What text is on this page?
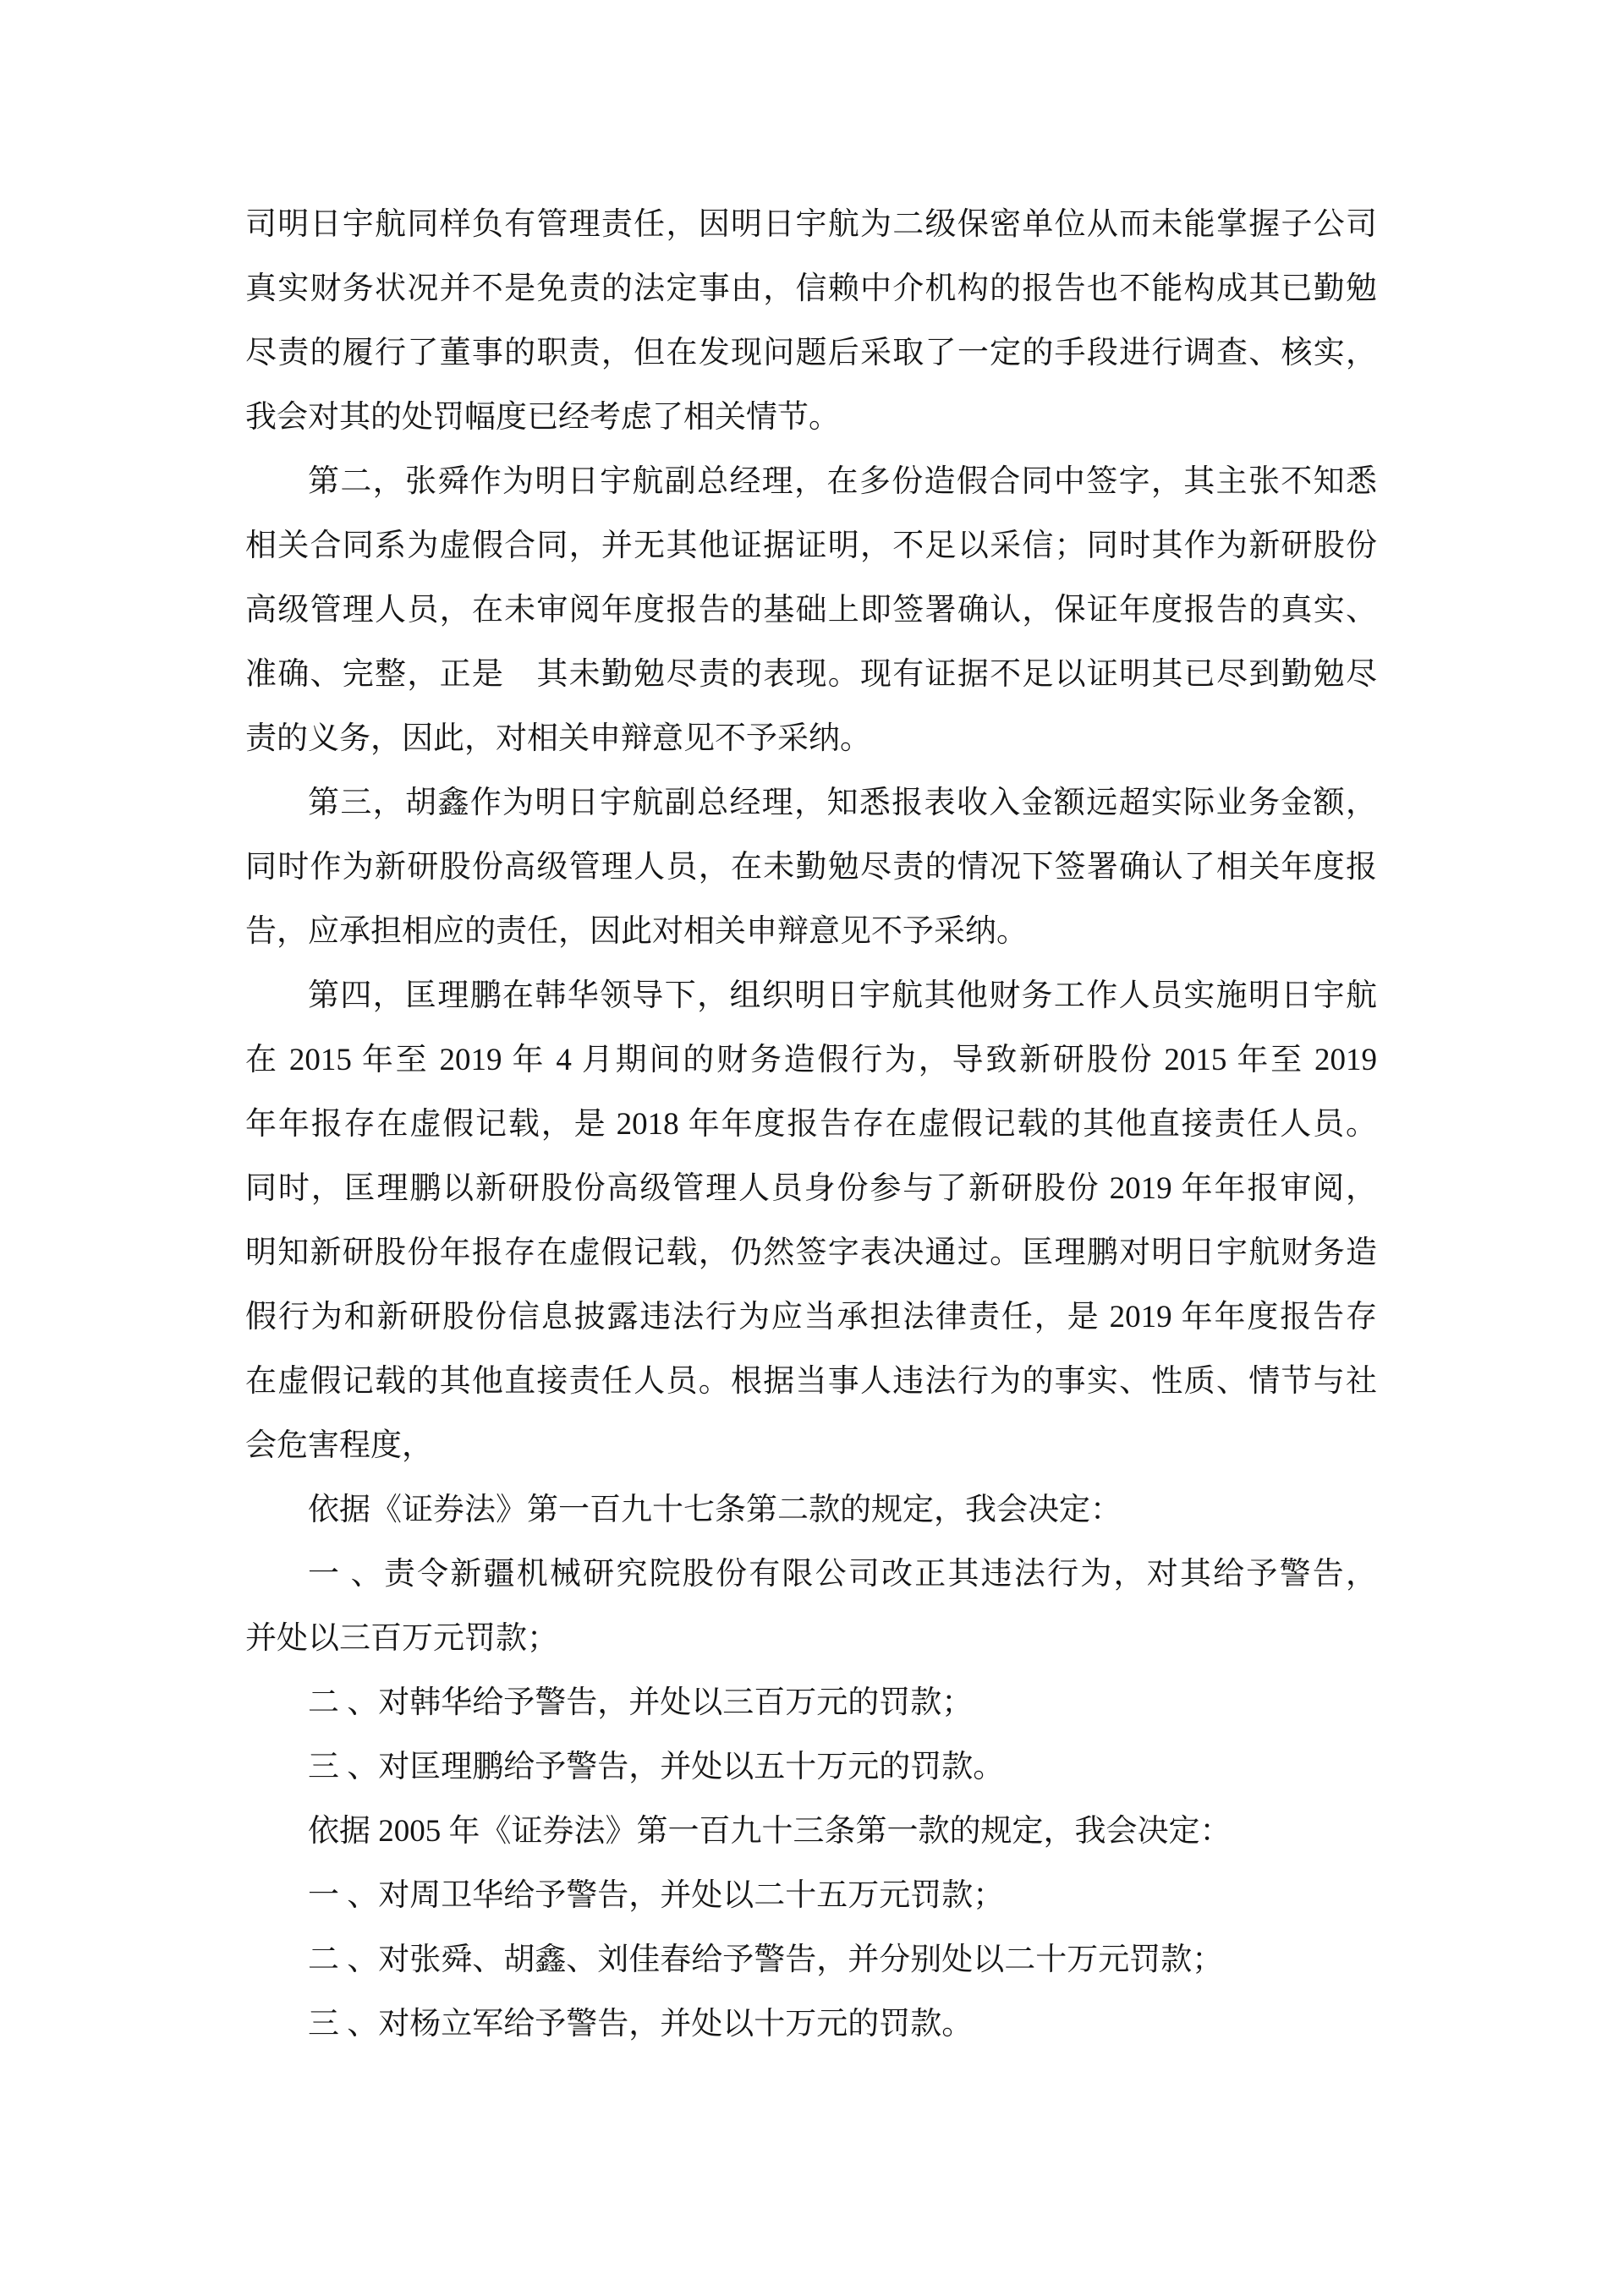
司明日宇航同样负有管理责任，因明日宇航为二级保密单位从而未能掌握子公司
真实财务状况并不是免责的法定事由，信赖中介机构的报告也不能构成其已勤勉
尽责的履行了董事的职责，但在发现问题后采取了一定的手段进行调查、核实，
我会对其的处罚幅度已经考虑了相关情节。
第二，张舜作为明日宇航副总经理，在多份造假合同中签字，其主张不知悉
相关合同系为虚假合同，并无其他证据证明，不足以采信；同时其作为新研股份
高级管理人员，在未审阅年度报告的基础上即签署确认，保证年度报告的真实、
准确、完整，正是　其未勤勉尽责的表现。现有证据不足以证明其已尽到勤勉尽
责的义务，因此，对相关申辩意见不予采纳。
第三，胡鑫作为明日宇航副总经理，知悉报表收入金额远超实际业务金额，
同时作为新研股份高级管理人员，在未勤勉尽责的情况下签署确认了相关年度报
告，应承担相应的责任，因此对相关申辩意见不予采纳。
第四，匡理鹏在韩华领导下，组织明日宇航其他财务工作人员实施明日宇航
在 2015 年至 2019 年 4 月期间的财务造假行为，导致新研股份 2015 年至 2019
年年报存在虚假记载，是 2018 年年度报告存在虚假记载的其他直接责任人员。
同时，匡理鹏以新研股份高级管理人员身份参与了新研股份 2019 年年报审阅，
明知新研股份年报存在虚假记载，仍然签字表决通过。匡理鹏对明日宇航财务造
假行为和新研股份信息披露违法行为应当承担法律责任，是 2019 年年度报告存
在虚假记载的其他直接责任人员。根据当事人违法行为的事实、性质、情节与社
会危害程度，
依据《证券法》第一百九十七条第二款的规定，我会决定：
一 、责令新疆机械研究院股份有限公司改正其违法行为，对其给予警告，
并处以三百万元罚款；
二 、对韩华给予警告，并处以三百万元的罚款；
三 、对匡理鹏给予警告，并处以五十万元的罚款。
依据 2005 年《证券法》第一百九十三条第一款的规定，我会决定：
一 、对周卫华给予警告，并处以二十五万元罚款；
二 、对张舜、胡鑫、刘佳春给予警告，并分别处以二十万元罚款；
三 、对杨立军给予警告，并处以十万元的罚款。
